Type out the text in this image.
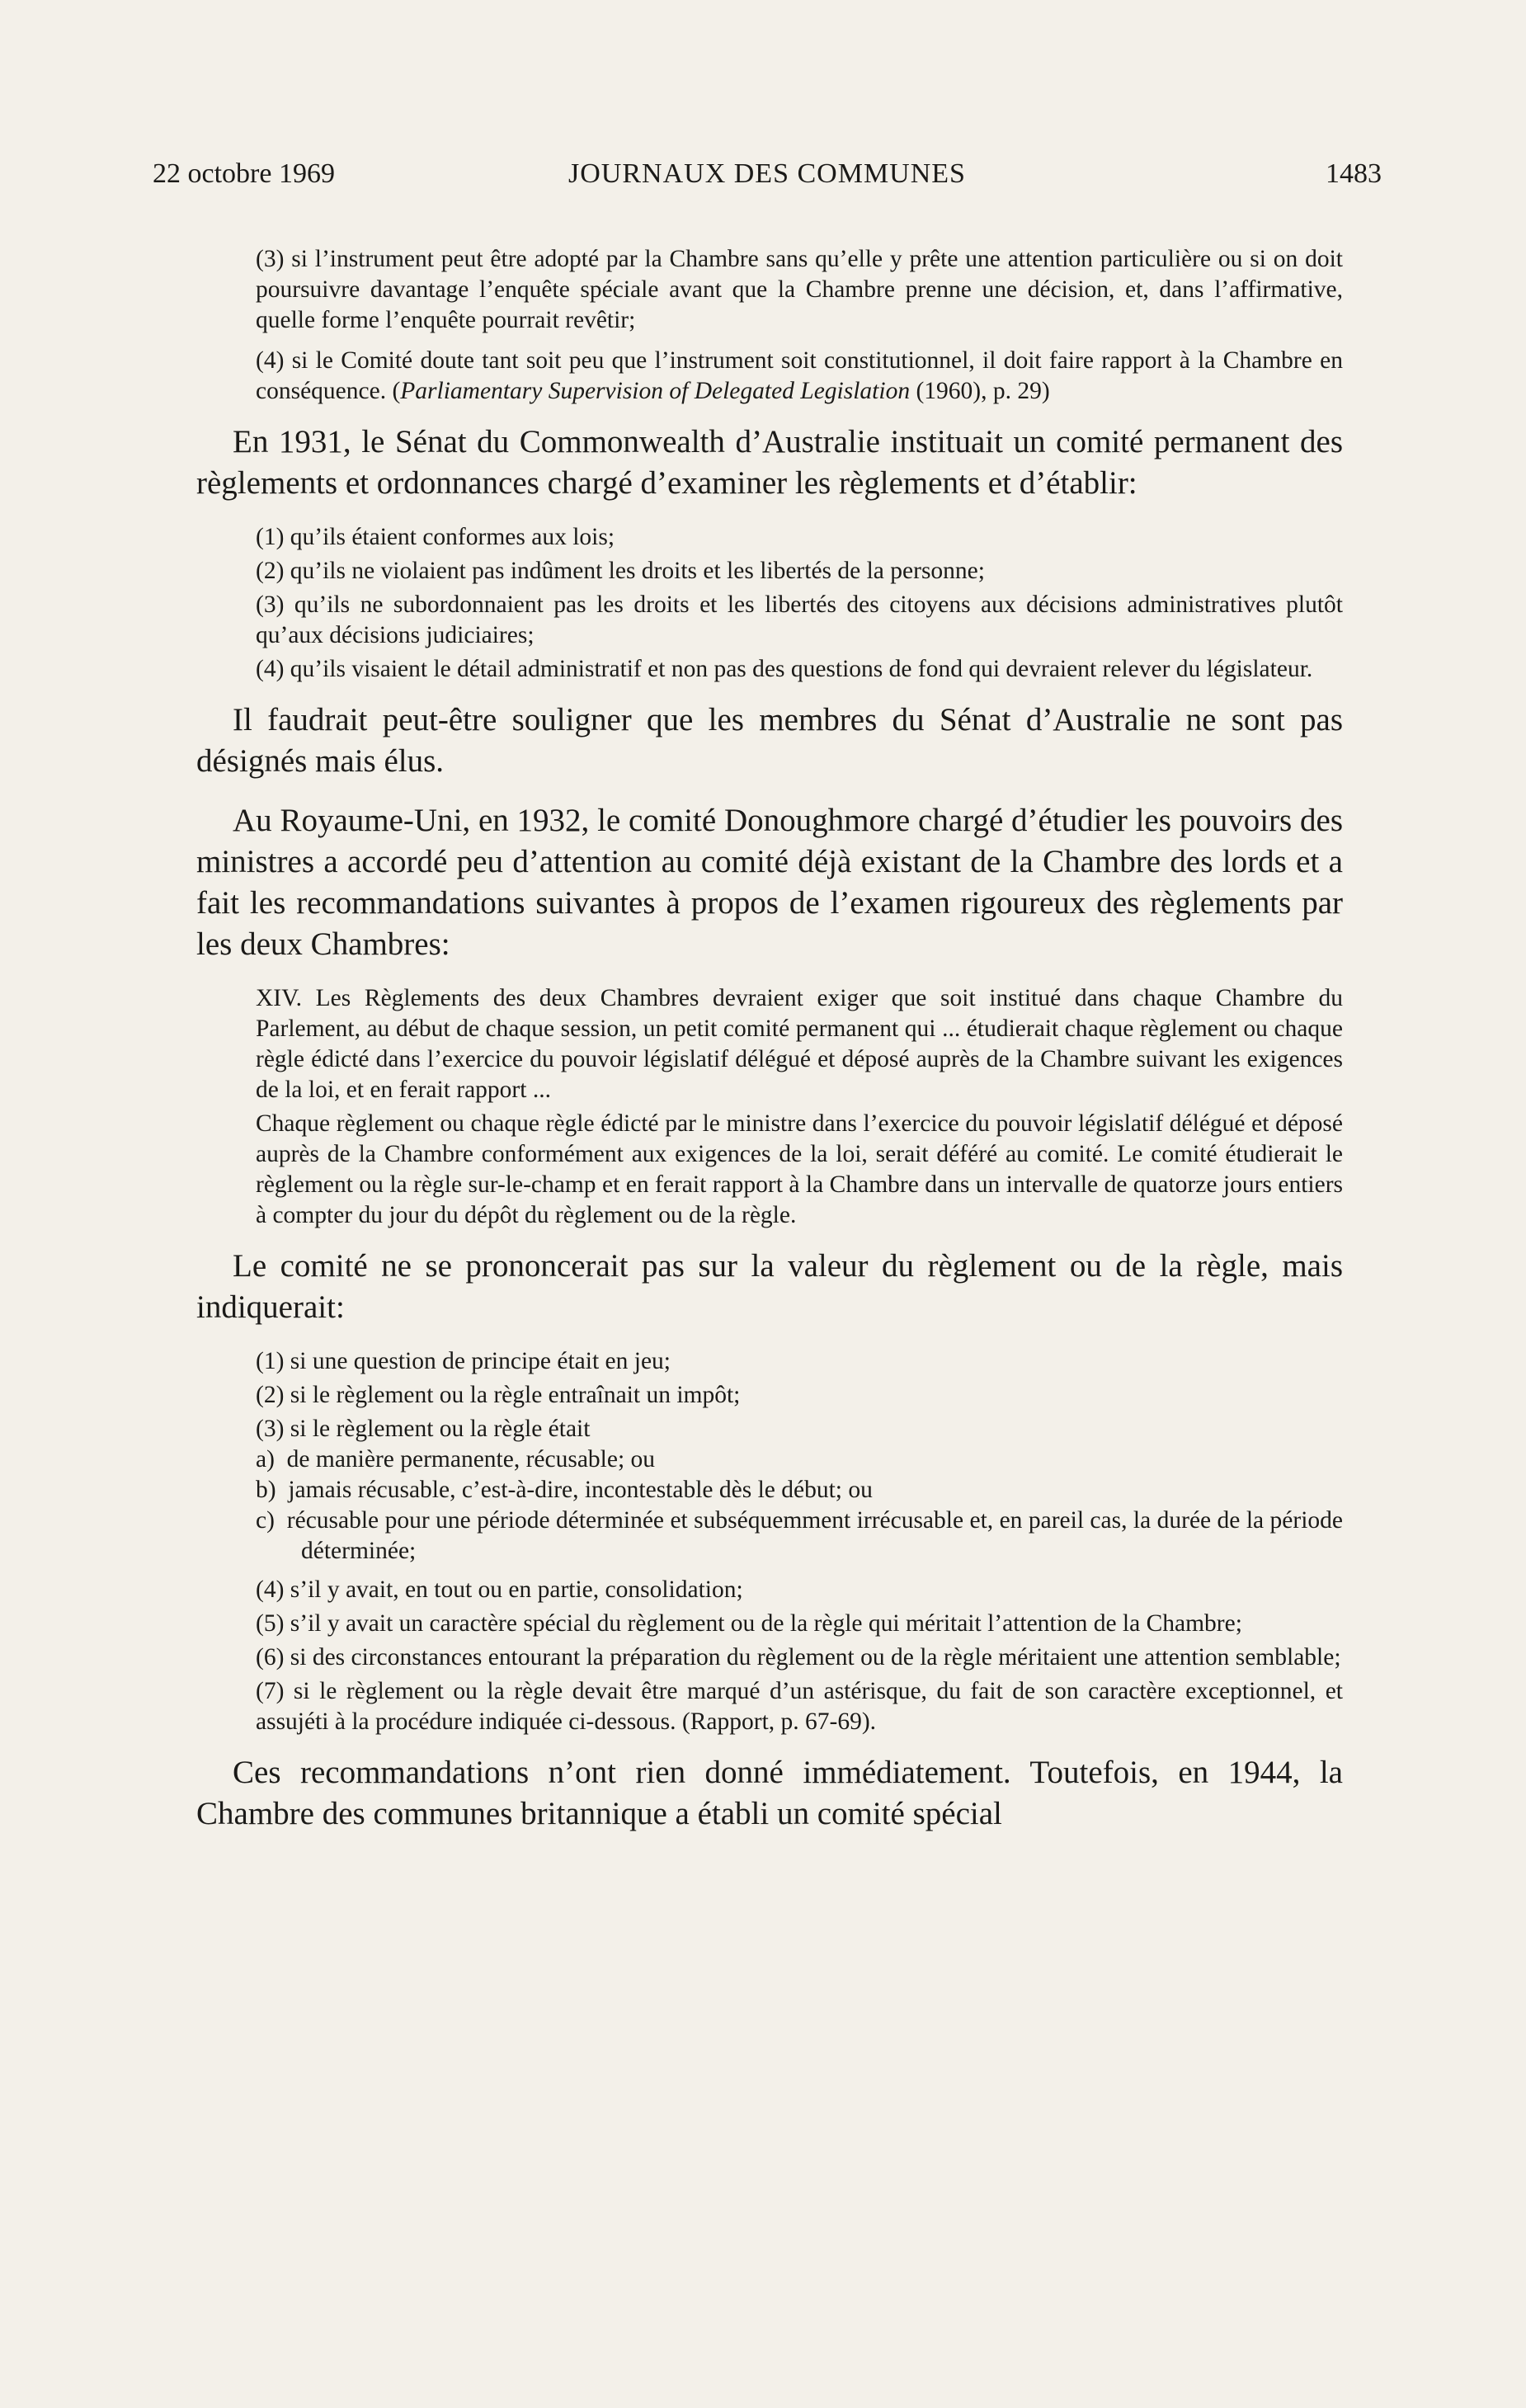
22 octobre 1969	JOURNAUX DES COMMUNES	1483

(3) si l’instrument peut être adopté par la Chambre sans qu’elle y prête une attention particulière ou si on doit poursuivre davantage l’enquête spéciale avant que la Chambre prenne une décision, et, dans l’affirmative, quelle forme l’enquête pourrait revêtir;

(4) si le Comité doute tant soit peu que l’instrument soit constitutionnel, il doit faire rapport à la Chambre en conséquence. (Parliamentary Supervision of Delegated Legislation (1960), p. 29)

En 1931, le Sénat du Commonwealth d’Australie instituait un comité permanent des règlements et ordonnances chargé d’examiner les règlements et d’établir:

(1) qu’ils étaient conformes aux lois;

(2) qu’ils ne violaient pas indûment les droits et les libertés de la personne;

(3) qu’ils ne subordonnaient pas les droits et les libertés des citoyens aux décisions administratives plutôt qu’aux décisions judiciaires;

(4) qu’ils visaient le détail administratif et non pas des questions de fond qui devraient relever du législateur.

Il faudrait peut-être souligner que les membres du Sénat d’Australie ne sont pas désignés mais élus.

Au Royaume-Uni, en 1932, le comité Donoughmore chargé d’étudier les pouvoirs des ministres a accordé peu d’attention au comité déjà existant de la Chambre des lords et a fait les recommandations suivantes à propos de l’examen rigoureux des règlements par les deux Chambres:

XIV. Les Règlements des deux Chambres devraient exiger que soit institué dans chaque Chambre du Parlement, au début de chaque session, un petit comité permanent qui ... étudierait chaque règlement ou chaque règle édicté dans l’exercice du pouvoir législatif délégué et déposé auprès de la Chambre suivant les exigences de la loi, et en ferait rapport ...

Chaque règlement ou chaque règle édicté par le ministre dans l’exercice du pouvoir législatif délégué et déposé auprès de la Chambre conformément aux exigences de la loi, serait déféré au comité. Le comité étudierait le règlement ou la règle sur-le-champ et en ferait rapport à la Chambre dans un intervalle de quatorze jours entiers à compter du jour du dépôt du règlement ou de la règle.

Le comité ne se prononcerait pas sur la valeur du règlement ou de la règle, mais indiquerait:

(1) si une question de principe était en jeu;

(2) si le règlement ou la règle entraînait un impôt;

(3) si le règlement ou la règle était

a) de manière permanente, récusable; ou

b) jamais récusable, c’est-à-dire, incontestable dès le début; ou

c) récusable pour une période déterminée et subséquemment irrécusable et, en pareil cas, la durée de la période déterminée;

(4) s’il y avait, en tout ou en partie, consolidation;

(5) s’il y avait un caractère spécial du règlement ou de la règle qui méritait l’attention de la Chambre;

(6) si des circonstances entourant la préparation du règlement ou de la règle méritaient une attention semblable;

(7) si le règlement ou la règle devait être marqué d’un astérisque, du fait de son caractère exceptionnel, et assujéti à la procédure indiquée ci-dessous. (Rapport, p. 67-69).

Ces recommandations n’ont rien donné immédiatement. Toutefois, en 1944, la Chambre des communes britannique a établi un comité spécial
